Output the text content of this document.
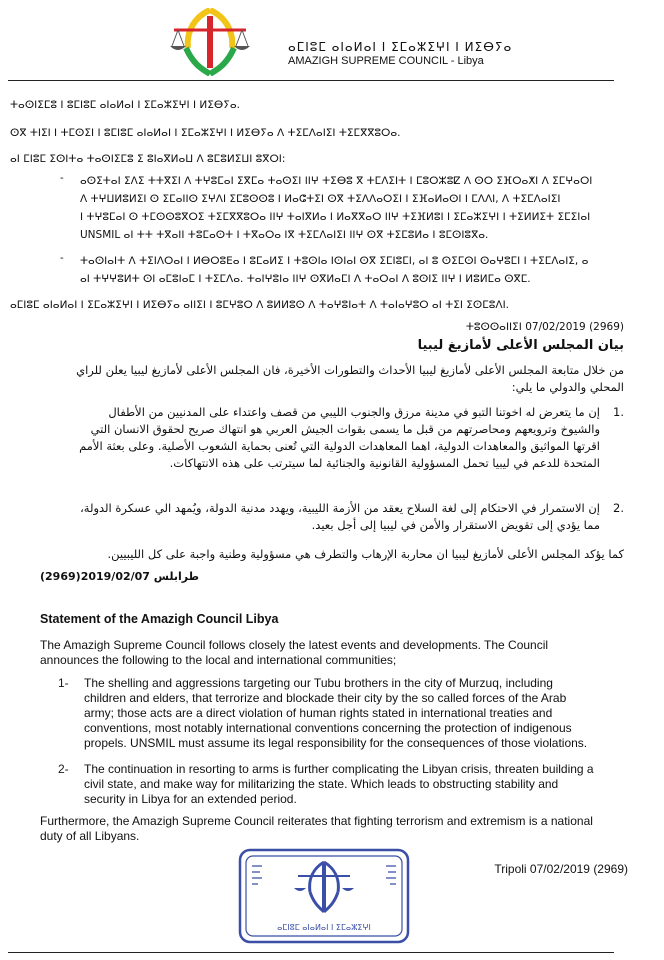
ⴰⵎⵏⵓⵎ ⴰⵏⴰⵍⴰⵏ ⵏ ⵉⵎⴰⵣⵉⵖⵏ ⵏ ⵍⵉⴱⵢⴰ
AMAZIGH SUPREME COUNCIL - Libya
ⵜⴰⵙⵏⵉⵎⵓ ⵏ ⵓⵎⵏⵓⵎ ⴰⵏⴰⵍⴰⵏ ⵏ ⵉⵎⴰⵣⵉⵖⵏ ⵏ ⵍⵉⴱⵢⴰ.
ⵙⴳ ⵜⵏⵉⵏ ⵏ ⵜⵎⵙⵉⵏ ⵏ ⵓⵎⵏⵓⵎ ⴰⵏⴰⵍⴰⵏ ⵏ ⵉⵎⴰⵣⵉⵖⵏ ⵏ ⵍⵉⴱⵢⴰ ⴷ ⵜⵉⵎⴷⴰⵏⵉⵏ ⵜⵉⵎⴳⴳⵓⵔⴰ.
ⴰⵏ ⵎⵏⵓⵎ ⵉⵙⵏⵜⴰ ⵜⴰⵙⵏⵉⵎⵓ ⵉ ⵓⵏⴰⴳⵍⴰⵡ ⴷ ⵓⵎⵓⵍⵉⵡⵏ ⵓⴳⵔⵏ:
- ⴰⵙⵉⵜⴰⵏ ⵉⴷⵉ ⵜⵜⴳⵉⵏ ⴷ ⵜⵖⵓⵎⴰⵏ ⵉⴳⵎⴰ ⵜⴰⵙⵉⵏ ⵏⵏⵖ ⵜⵉⴱⵓ ⴳ ⵜⵎⴷⵉⵏⵜ ⵏ ⵎⵓⵔⵣⵓⵇ ⴷ ⵙⵔ ⵉⴼⵔⴰⵅⵏ ⴷ ⵉⵎⵖⴰⵔⵏ
ⴷ ⵜⵖⵡⵍⵓⵍⵉⵏ ⵙ ⵉⵎⴰⵏⵏⵙ ⵉⵖⴷⵏ ⵉⵎⵓⵙⵙⵓ ⵏ ⵍⴰⵛⵜⵉⵏ ⵙⴳ ⵜⵉⴷⴷⴰⵔⵉⵏ ⵏ ⵉⴼⴰⵍⴰⵙⵏ ⵏ ⵎⴷⴷⵏ, ⴷ ⵜⵉⵎⴷⴰⵏⵉⵏ
ⵏ ⵜⵖⵓⵎⴰⵏ ⵙ ⵜⵎⵙⵙⵓⴳⵔⵉ ⵜⵉⵎⴳⴳⵓⵔⴰ ⵏⵏⵖ ⵜⴰⵏⴳⵍⴰ ⵏ ⵍⴰⴳⴳⴰⵔ ⵏⵏⵖ ⵜⵉⴼⵍⵓⵏ ⵏ ⵉⵎⴰⵣⵉⵖⵏ ⵏ ⵜⵉⵍⵍⵉⵜ ⵉⵎⵉⵏⴰⵏ
UNSMIL ⴰⵏ ⵜⵜ ⵜⴳⴰⵏⵏ ⵜⵓⵎⴰⵙⵜ ⵏ ⵜⴳⴰⵔⴰ ⵏⴳ ⵜⵉⵎⴷⴰⵏⵉⵏ ⵏⵏⵖ ⵙⴳ ⵜⵉⵎⵓⵍⴰ ⵏ ⵓⵎⵙⵏⵓⴳⴰ.
- ⵜⴰⵙⵏⴰⵏⵜ ⴷ ⵜⵉⵏⴷⵔⴰⵏ ⵏ ⵍⴱⵔⵓⴹⴰ ⵏ ⵓⵎⴰⵍⵉ ⵏ ⵜⵓⵙⵏⴰ ⵏⵙⵏⴰⵏ ⵙⴳ ⵉⵎⵏⵓⵎⵏ, ⴰⵏ ⵓ ⵙⵉⵎⵙⵏ ⵙⴰⵖⵓⵎⵏ ⵏ ⵜⵉⵎⴷⴰⵏⵉ, ⴰ
ⴰⵏ ⵜⵖⵖⵓⵍⵜ ⵙⵏ ⴰⵎⵓⵏⴰⵎ ⵏ ⵜⵉⵎⴷⴰ. ⵜⴰⵏⵖⵓⵏⴰ ⵏⵏⵖ ⵙⴳⵍⴰⵎⵏ ⴷ ⵜⴰⵔⴰⵏ ⴷ ⵓⵙⵏⵉ ⵏⵏⵖ ⵏ ⵍⵓⵍⵎⴰ ⵙⴳⵎ.
ⴰⵎⵏⵓⵎ ⴰⵏⴰⵍⴰⵏ ⵏ ⵉⵎⴰⵣⵉⵖⵏ ⵏ ⵍⵉⴱⵢⴰ ⴰⵏⵏⵉⵏ ⵏ ⵓⵎⵖⵓⵔ ⴷ ⵓⵍⵍⵓⵙ ⴷ ⵜⴰⵖⵓⵏⴰⵜ ⴷ ⵜⴰⵏⴰⵖⵓⵔ ⴰⵏ ⵜⵉⵏ ⵉⵙⵎⵓⴷⵏ.
ⵜⵓⵙⵙⴰⵏⵏⵉⵏ 07/02/2019 (2969)
بيان المجلس الأعلى لأمازيغ ليبيا
من خلال متابعة المجلس الأعلى لأمازيغ ليبيا الأحداث والتطورات الأخيرة، فان المجلس الأعلى لأمازيغ ليبيا يعلن للراي
المحلي والدولي ما يلي:
.1
إن ما يتعرض له اخوتنا التبو في مدينة مرزق والجنوب الليبي من قصف واعتداء على المدنيين من الأطفال
والشيوخ وترويعهم ومحاصرتهم من قبل ما يسمى بقوات الجيش العربي هو انتهاك صريح لحقوق الانسان التي
اقرتها المواثيق والمعاهدات الدولية، اهما المعاهدات الدولية التي تُعنى بحماية الشعوب الأصلية. وعلى بعثة الأمم
المتحدة للدعم في ليبيا تحمل المسؤولية القانونية والجنائية لما سيترتب على هذه الانتهاكات.
.2
إن الاستمرار في الاحتكام إلى لغة السلاح يعقد من الأزمة الليبية، ويهدد مدنية الدولة، ويُمهد الي عسكرة الدولة،
مما يؤدي إلى تقويض الاستقرار والأمن في ليبيا إلى أجل بعيد.
كما يؤكد المجلس الأعلى لأمازيغ ليبيا ان محاربة الإرهاب والتطرف هي مسؤولية وطنية واجبة على كل الليبيين.
طرابلس 2019/02/07(2969)
Statement of the Amazigh Council Libya
The Amazigh Supreme Council follows closely the latest events and developments. The Council
announces the following to the local and international communities;
1- The shelling and aggressions targeting our Tubu brothers in the city of Murzuq, including
children and elders, that terrorize and blockade their city by the so called forces of the Arab
army; those acts are a direct violation of human rights stated in international treaties and
conventions, most notably international conventions concerning the protection of indigenous
propels. UNSMIL must assume its legal responsibility for the consequences of those violations.
2- The continuation in resorting to arms is further complicating the Libyan crisis, threaten building a
civil state, and make way for militarizing the state. Which leads to obstructing stability and
security in Libya for an extended period.
Furthermore, the Amazigh Supreme Council reiterates that fighting terrorism and extremism is a national
duty of all Libyans.
Tripoli 07/02/2019 (2969)
ⴰⵎⵏⵓⵎ ⴰⵏⴰⵍⴰⵏ ⵏ ⵉⵎⴰⵣⵉⵖⵏ
